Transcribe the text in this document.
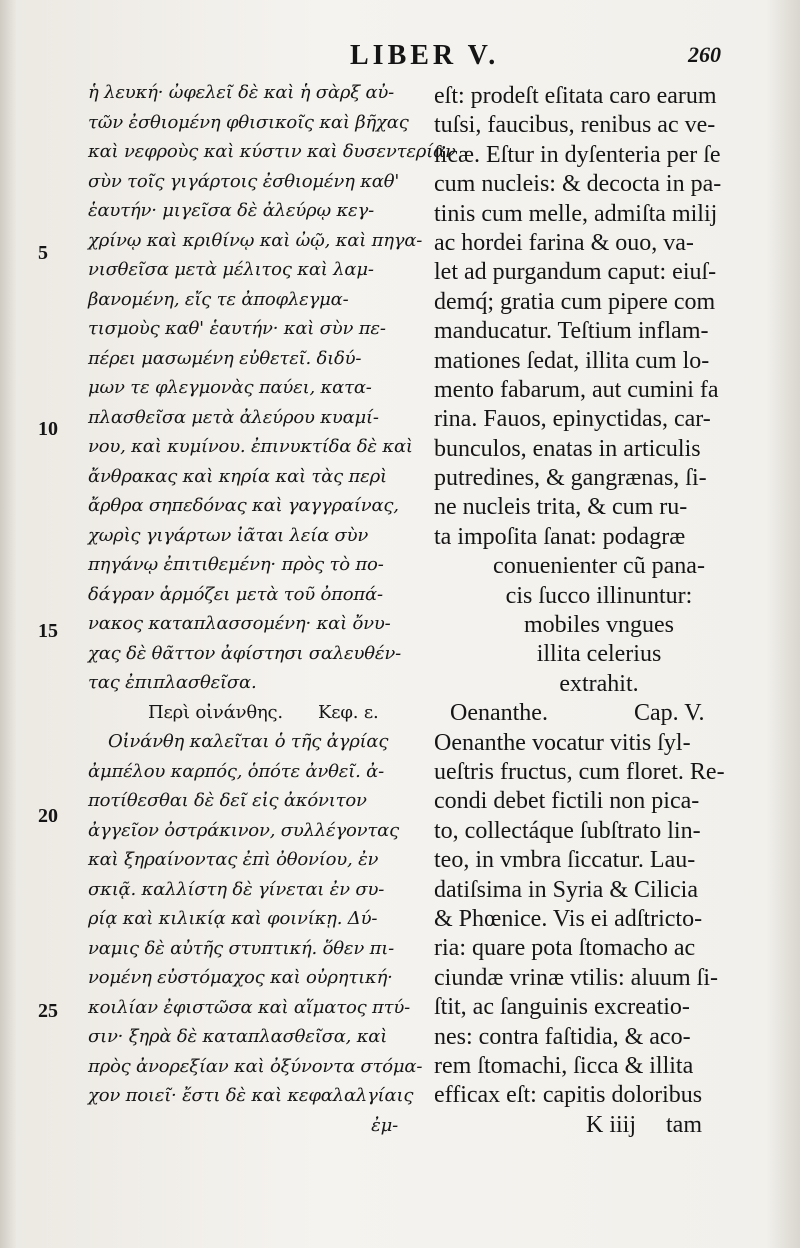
LIBER V.	260
5
10
15
20
25
ἡ λευκή· ὠφελεῖ δὲ καὶ ἡ σὰρξ αὐ-
τῶν ἐσθιομένη φθισικοῖς καὶ βῆχας
καὶ νεφροὺς καὶ κύστιν καὶ δυσεντερίαν
σὺν τοῖς γιγάρτοις ἐσθιομένη καθ'
ἑαυτήν· μιγεῖσα δὲ ἀλεύρῳ κεγ-
χρίνῳ καὶ κριθίνῳ καὶ ὠῷ, καὶ πηγα-
νισθεῖσα μετὰ μέλιτος καὶ λαμ-
βανομένη, εἴς τε ἀποφλεγμα-
τισμοὺς καθ' ἑαυτήν· καὶ σὺν πε-
πέρει μασωμένη εὐθετεῖ. διδύ-
μων τε φλεγμονὰς παύει, κατα-
πλασθεῖσα μετὰ ἀλεύρου κυαμί-
νου, καὶ κυμίνου. ἐπινυκτίδα δὲ καὶ
ἄνθρακας καὶ κηρία καὶ τὰς περὶ
ἄρθρα σηπεδόνας καὶ γαγγραίνας,
χωρὶς γιγάρτων ἰᾶται λεία σὺν
πηγάνῳ ἐπιτιθεμένη· πρὸς τὸ πο-
δάγραν ἁρμόζει μετὰ τοῦ ὀποπά-
νακος καταπλασσομένη· καὶ ὄνυ-
χας δὲ θᾶττον ἀφίστησι σαλευθέν-
τας ἐπιπλασθεῖσα.
Περὶ οἰνάνθης. Κεφ. ε.
Οἰνάνθη καλεῖται ὁ τῆς ἀγρίας
ἀμπέλου καρπός, ὁπότε ἀνθεῖ. ἀ-
ποτίθεσθαι δὲ δεῖ εἰς ἀκόνιτον
ἀγγεῖον ὀστράκινον, συλλέγοντας
καὶ ξηραίνοντας ἐπὶ ὀθονίου, ἐν
σκιᾷ. καλλίστη δὲ γίνεται ἐν συ-
ρίᾳ καὶ κιλικίᾳ καὶ φοινίκῃ. Δύ-
ναμις δὲ αὐτῆς στυπτική. ὅθεν πι-
νομένη εὐστόμαχος καὶ οὐρητική·
κοιλίαν ἐφιστῶσα καὶ αἵματος πτύ-
σιν· ξηρὰ δὲ καταπλασθεῖσα, καὶ
πρὸς ἀνορεξίαν καὶ ὀξύνοντα στόμα-
χον ποιεῖ· ἔστι δὲ καὶ κεφαλαλγίαις
ἐμ-
eſt: prodeſt eſitata caro earum
tuſsi, faucibus, renibus ac ve-
ſicæ. Eſtur in dyſenteria per ſe
cum nucleis: & decocta in pa-
tinis cum melle, admiſta milij
ac hordei farina & ouo, va-
let ad purgandum caput: eiuſ-
demq́; gratia cum pipere com
manducatur. Teſtium inflam-
mationes ſedat, illita cum lo-
mento fabarum, aut cumini fa
rina. Fauos, epinyctidas, car-
bunculos, enatas in articulis
putredines, & gangrænas, ſi-
ne nucleis trita, & cum ru-
ta impoſita ſanat: podagræ
conuenienter cũ pana-
cis ſucco illinuntur:
mobiles vngues
illita celerius
extrahit.
Oenanthe.	Cap. V.
Oenanthe vocatur vitis ſyl-
ueſtris fructus, cum floret. Re-
condi debet fictili non pica-
to, collectáque ſubſtrato lin-
teo, in vmbra ſiccatur. Lau-
datiſsima in Syria & Cilicia
& Phœnice. Vis ei adſtricto-
ria: quare pota ſtomacho ac
ciundæ vrinæ vtilis: aluum ſi-
ſtit, ac ſanguinis excreatio-
nes: contra faſtidia, & aco-
rem ſtomachi, ſicca & illita
efficax eſt: capitis doloribus
K iiij tam
